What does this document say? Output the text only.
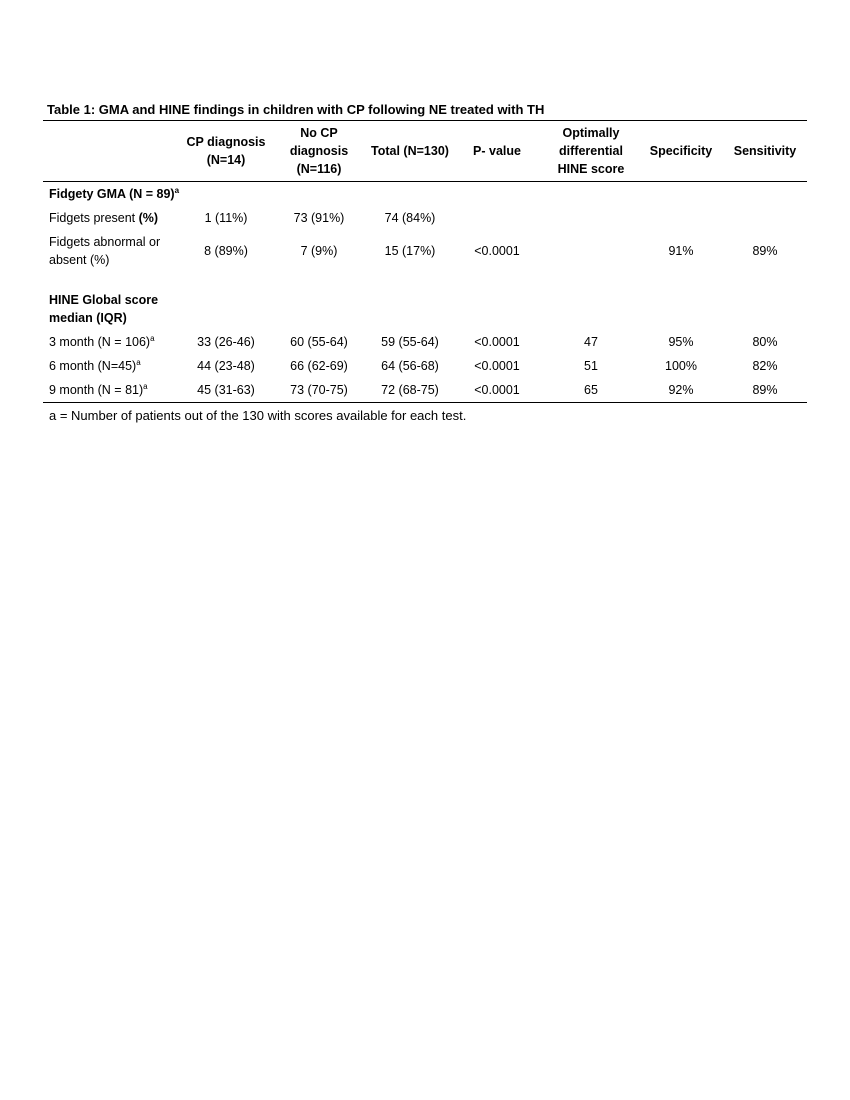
Table 1: GMA and HINE findings in children with CP following NE treated with TH
	CP diagnosis (N=14)	No CP diagnosis (N=116)	Total (N=130)	P- value	Optimally differential HINE score	Specificity	Sensitivity
Fidgety GMA (N = 89)$^a$							
Fidgets present (%)	1 (11%)	73 (91%)	74 (84%)				
Fidgets abnormal or absent (%)	8 (89%)	7 (9%)	15 (17%)	<0.0001		91%	89%

HINE Global score median (IQR)							
3 month (N = 106)$^a$	33 (26-46)	60 (55-64)	59 (55-64)	<0.0001	47	95%	80%
6 month (N=45)$^a$	44 (23-48)	66 (62-69)	64 (56-68)	<0.0001	51	100%	82%
9 month (N = 81)$^a$	45 (31-63)	73 (70-75)	72 (68-75)	<0.0001	65	92%	89%
a = Number of patients out of the 130 with scores available for each test.
